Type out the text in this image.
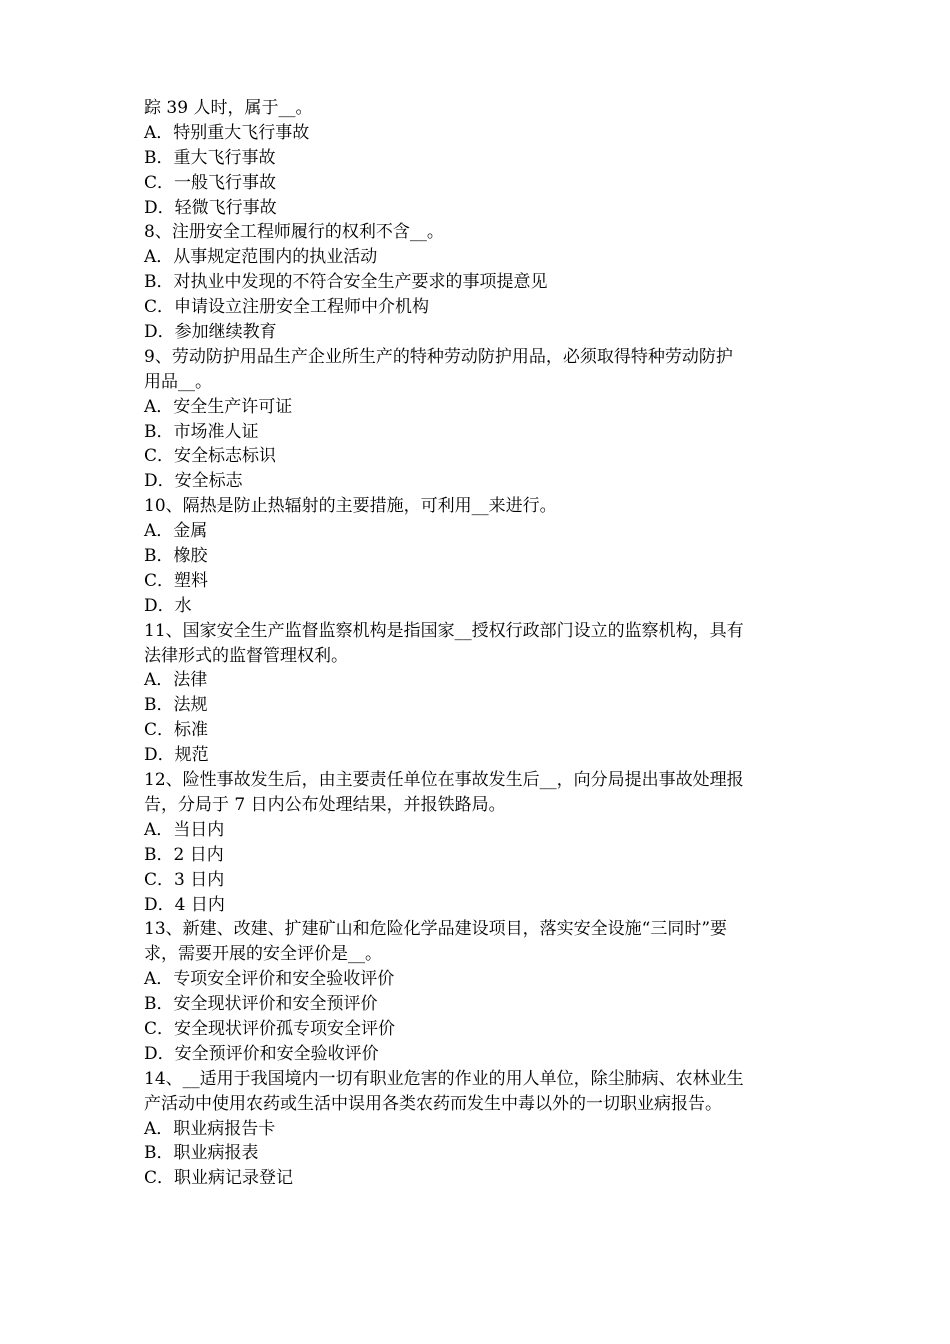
踪 39 人时，属于__。
A．特别重大飞行事故
B．重大飞行事故
C．一般飞行事故
D．轻微飞行事故
8、注册安全工程师履行的权利不含__。
A．从事规定范围内的执业活动
B．对执业中发现的不符合安全生产要求的事项提意见
C．申请设立注册安全工程师中介机构
D．参加继续教育
9、劳动防护用品生产企业所生产的特种劳动防护用品，必须取得特种劳动防护
用品__。
A．安全生产许可证
B．市场准人证
C．安全标志标识
D．安全标志
10、隔热是防止热辐射的主要措施，可利用__来进行。
A．金属
B．橡胶
C．塑料
D．水
11、国家安全生产监督监察机构是指国家__授权行政部门设立的监察机构，具有
法律形式的监督管理权利。
A．法律
B．法规
C．标准
D．规范
12、险性事故发生后，由主要责任单位在事故发生后__，向分局提出事故处理报
告，分局于 7 日内公布处理结果，并报铁路局。
A．当日内
B．2 日内
C．3 日内
D．4 日内
13、新建、改建、扩建矿山和危险化学品建设项目，落实安全设施“三同时”要
求，需要开展的安全评价是__。
A．专项安全评价和安全验收评价
B．安全现状评价和安全预评价
C．安全现状评价孤专项安全评价
D．安全预评价和安全验收评价
14、__适用于我国境内一切有职业危害的作业的用人单位，除尘肺病、农林业生
产活动中使用农药或生活中误用各类农药而发生中毒以外的一切职业病报告。
A．职业病报告卡
B．职业病报表
C．职业病记录登记
